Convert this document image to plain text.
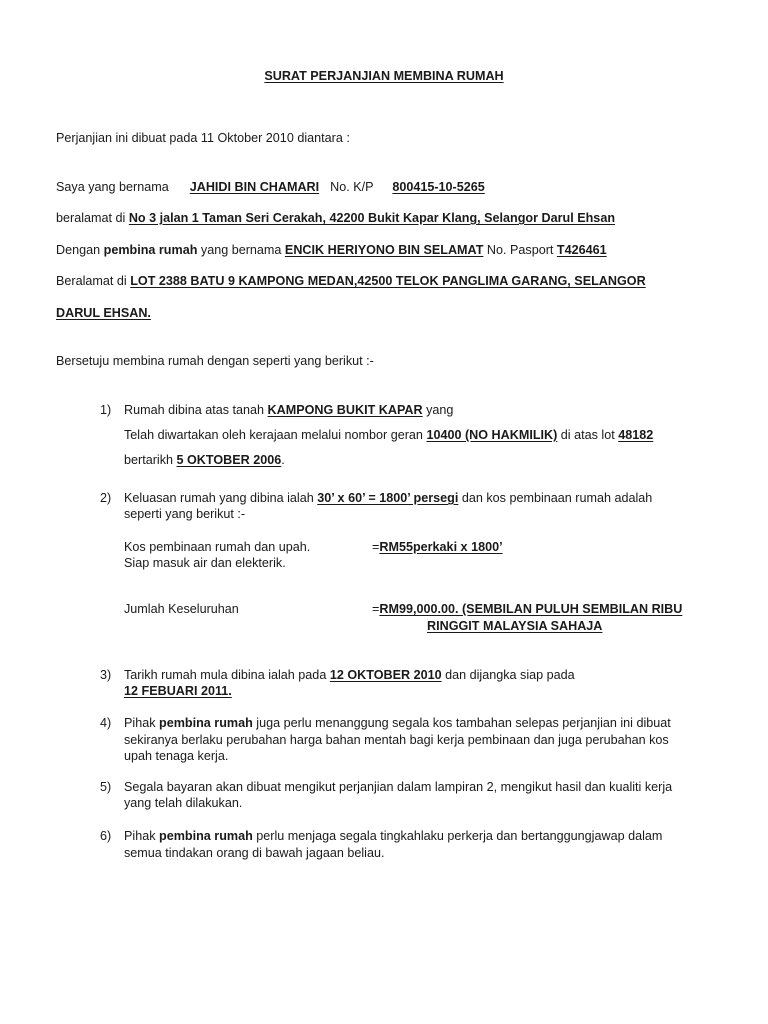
SURAT PERJANJIAN MEMBINA RUMAH
Perjanjian ini dibuat pada 11 Oktober 2010 diantara :
Saya yang bernama JAHIDI BIN CHAMARI No. K/P 800415-10-5265
beralamat di No 3 jalan 1 Taman Seri Cerakah, 42200 Bukit Kapar Klang, Selangor Darul Ehsan
Dengan pembina rumah yang bernama ENCIK HERIYONO BIN SELAMAT No. Pasport T426461
Beralamat di LOT 2388 BATU 9 KAMPONG MEDAN,42500 TELOK PANGLIMA GARANG, SELANGOR
DARUL EHSAN.
Bersetuju membina rumah dengan seperti yang berikut :-
1) Rumah dibina atas tanah KAMPONG BUKIT KAPAR yang
Telah diwartakan oleh kerajaan melalui nombor geran 10400 (NO HAKMILIK) di atas lot 48182
bertarikh 5 OKTOBER 2006.
2) Keluasan rumah yang dibina ialah 30’ x 60’ = 1800’ persegi dan kos pembinaan rumah adalah
seperti yang berikut :-
Kos pembinaan rumah dan upah.
Siap masuk air dan elekterik.
=RM55perkaki x 1800’
Jumlah Keseluruhan	=RM99,000.00. (SEMBILAN PULUH SEMBILAN RIBU
RINGGIT MALAYSIA SAHAJA
3) Tarikh rumah mula dibina ialah pada 12 OKTOBER 2010 dan dijangka siap pada
12 FEBUARI 2011.
4) Pihak pembina rumah juga perlu menanggung segala kos tambahan selepas perjanjian ini dibuat
sekiranya berlaku perubahan harga bahan mentah bagi kerja pembinaan dan juga perubahan kos
upah tenaga kerja.
5) Segala bayaran akan dibuat mengikut perjanjian dalam lampiran 2, mengikut hasil dan kualiti kerja
yang telah dilakukan.
6) Pihak pembina rumah perlu menjaga segala tingkahlaku perkerja dan bertanggungjawap dalam
semua tindakan orang di bawah jagaan beliau.
